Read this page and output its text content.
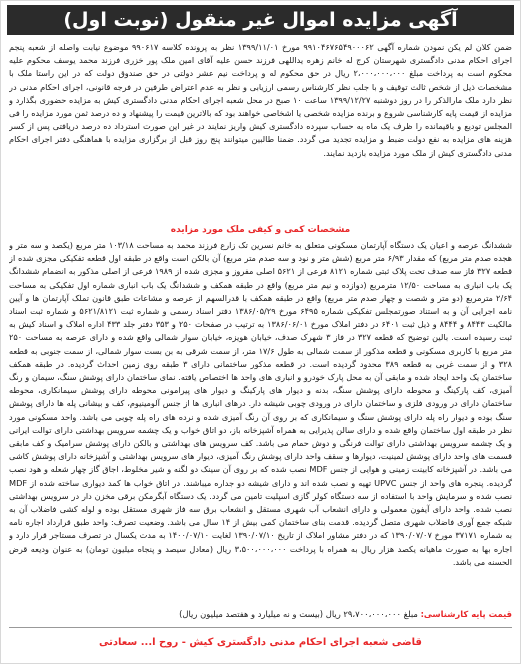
آگهی مزایده اموال غیر منقول (نوبت اول)
ضمن کلان لم یکن نمودن شماره آگهی ۹۹۱۰۴۶۷۶۵۴۹۰۰۰۶۲ مورخ ۱۳۹۹/۱۱/۰۱ نظر به پرونده کلاسه ۹۹۰۶۱۷ موضوع نیابت واصله از شعبه پنجم اجرای احکام مدنی دادگستری شهرستان کرج له خانم زهره یداللهی فرزند حسن علیه آقای امین ملک پور خزری فرزند محمد یوسف محکوم علیه محکوم است به پرداخت مبلغ ۲،۰۰۰،۰۰۰،۰۰۰ ریال در حق محکوم له و پرداخت نیم عشر دولتی در حق صندوق دولت که در این راستا ملک با مشخصات ذیل از شخص ثالث توقیف و با جلب نظر کارشناس رسمی ارزیابی و نظر به عدم اعتراض طرفین در فرجه قانونی، اجرای احکام مدنی در نظر دارد ملک مارالذکر را در روز دوشنبه ۱۳۹۹/۱۲/۲۷ ساعت ۱۰ صبح در محل شعبه اجرای احکام مدنی دادگستری کیش به مزایده حضوری بگذارد و مزایده از قیمت پایه کارشناسی شروع و برنده مزایده شخصی یا اشخاصی خواهند بود که بالاترین قیمت را پیشنهاد و ده درصد ثمن مورد مزایده را فی المجلس تودیع و باقیمانده را ظرف یک ماه به حساب سپرده دادگستری کیش واریز نمایند در غیر این صورت استرداد ده درصد دریافتی پس از کسر هزینه های مزایده به نفع دولت ضبط و مزایده تجدید می گردد. ضمنا طالبین میتوانند پنج روز قبل از برگزاری مزایده با هماهنگی دفتر اجرای احکام مدنی دادگستری کیش از ملک مورد مزایده بازدید نمایند.
مشخصات کمی و کیفی ملک مورد مزایده
ششدانگ عرصه و اعیان یک دستگاه آپارتمان مسکونی متعلق به خانم نسرین تک زارع فرزند محمد به مساحت ۱۰۳/۱۸ متر مربع (یکصد و سه متر و هجده صدم متر مربع) که مقدار ۶/۹۳ متر مربع (شش متر و نود و سه صدم متر مربع) آن بالکن است واقع در طبقه اول قطعه تفکیکی مجزی شده از قطعه ۳۲۷ فاز سه صدف تحت پلاک ثبتی شماره ۸۱۲۱ فرعی از ۵۶۲۱ اصلی مفروز و مجزی شده از ۱۹۸۹ فرعی از اصلی مذکور به انضمام ششدانگ یک باب انباری به مساحت ۱۲/۵۰ مترمربع (دوازده و نیم متر مربع) واقع در طبقه همکف و ششدانگ یک باب انباری شماره اول تفکیکی به مساحت ۲/۶۴ مترمربع (دو متر و شصت و چهار صدم متر مربع) واقع در طبقه همکف با قدرالسهم از عرصه و مشاعات طبق قانون تملک آپارتمان ها و آیین نامه اجرایی آن و به استناد صورتمجلس تفکیکی شماره ۶۴۹۵ مورخ ۱۳۸۶/۰۵/۲۹ دفتر اسناد رسمی و شماره ثبت ۵۶۲۱/۸۱۲۱ و شماره ثبت اسناد مالکیت ۸۴۴۳ و ۸۴۴۴ و ذیل ثبت ۶۴۰۱ در دفتر املاک مورخ ۱۳۸۶/۰۶/۰۱ به ترتیب در صفحات ۲۵۰ و ۳۵۳ دفتر جلد ۴۳۳ اداره املاک و اسناد کیش به ثبت رسیده است. بالین توضیح که قطعه ۳۲۷ در فاز ۳ شهرک صدف، خیابان هویزه، خیابان سوار شمالی واقع شده و دارای عرصه به مساحت ۲۵۰ متر مربع با کاربری مسکونی و قطعه مذکور از سمت شمالی به طول ۱۷/۶ متر، از سمت شرقی به بن بست سوار شمالی، از سمت جنوبی به قطعه ۳۲۸ و از سمت غربی به قطعه ۳۸۹ محدود گردیده است. در قطعه مذکور ساختمانی دارای ۳ طبقه روی زمین احداث گردیده. در طبقه همکف ساختمان یک واحد ایجاد شده و مابقی آن به محل پارک خودرو و انباری های واحد ها اختصاص یافته. نمای ساختمان دارای پوشش سنگ، سیمان و رنگ آمیزی، کف پارکینگ و محوطه دارای پوشش سنگ، بدنه و دیوار های پارکینگ و دیوار های پیرامونی محوطه دارای پوشش سیمانکاری، محوطه ساختمان دارای در ورودی فلزی و ساختمان دارای در ورودی چوبی شیشه دار. درهای انباری ها از جنس آلومینیوم، کف و بیشانی پله ها دارای پوشش سنگ بوده و دیوار راه پله دارای پوشش سنگ و سیمانکاری که بر روی آن رنگ آمیزی شده و نرده های راه پله چوبی می باشد. واحد مسکونی مورد نظر در طبقه اول ساختمان واقع شده و دارای سالن پذیرایی به همراه آشپزخانه باز، دو اتاق خواب و یک چشمه سرویس بهداشتی دارای توالت ایرانی و یک چشمه سرویس بهداشتی دارای توالت فرنگی و دوش حمام می باشد. کف سرویس های بهداشتی و بالکن دارای پوشش سرامیک و کف مابقی قسمت های واحد دارای پوشش لمینیت، دیوارها و سقف واحد دارای پوشش رنگ آمیزی، دیوار های سرویس بهداشتی و آشپزخانه دارای پوشش کاشی می باشد. در آشپزخانه کابینت زمینی و هوایی از جنس MDF نصب شده که بر روی آن سینک دو لگنه و شیر مخلوط، اجاق گاز چهار شعله و هود نصب گردیده. پنجره های واحد از جنس UPVC تهیه و نصب شده اند و دارای شیشه دو جداره میباشند. در اتاق خواب ها کمد دیواری ساخته شده از MDF نصب شده و سرمایش واحد با استفاده از سه دستگاه کولر گازی اسپلیت تامین می گردد. یک دستگاه آبگرمکن برقی مخزن دار در سرویس بهداشتی نصب شده. واحد دارای آیفون معمولی و دارای انشعاب آب شهری مستقل و انشعاب برق سه فاز شهری مستقل بوده و لوله کشی فاضلاب آن به شبکه جمع آوری فاضلاب شهری متصل گردیده. قدمت بنای ساختمان کمی بیش از ۱۴ سال می باشد. وضعیت تصرف: واحد طبق قرارداد اجاره نامه به شماره ۳۷۱۷۱ مورخ ۱۳۹۰/۰۷/۰۷ که در دفتر مشاور املاک از تاریخ ۱۳۹۰/۰۷/۱۰ لغایت ۱۴۰۰/۰۷/۱۰ به مدت یکسال در تصرف مستاجر قرار دارد و اجاره بها به صورت ماهیانه یکصد هزار ریال به همراه با پرداخت ۳،۵۰۰،۰۰۰،۰۰۰ ریال (معادل سیصد و پنجاه میلیون تومان) به عنوان ودیعه قرض الحسنه می باشد.
قیمت پایه کارشناسی: مبلغ ۲۹،۷۰۰،۰۰۰،۰۰۰ ریال (بیست و نه میلیارد و هفتصد میلیون ریال)
قاضی شعبه اجرای احکام مدنی دادگستری کیش - روح ا... سعادتی
